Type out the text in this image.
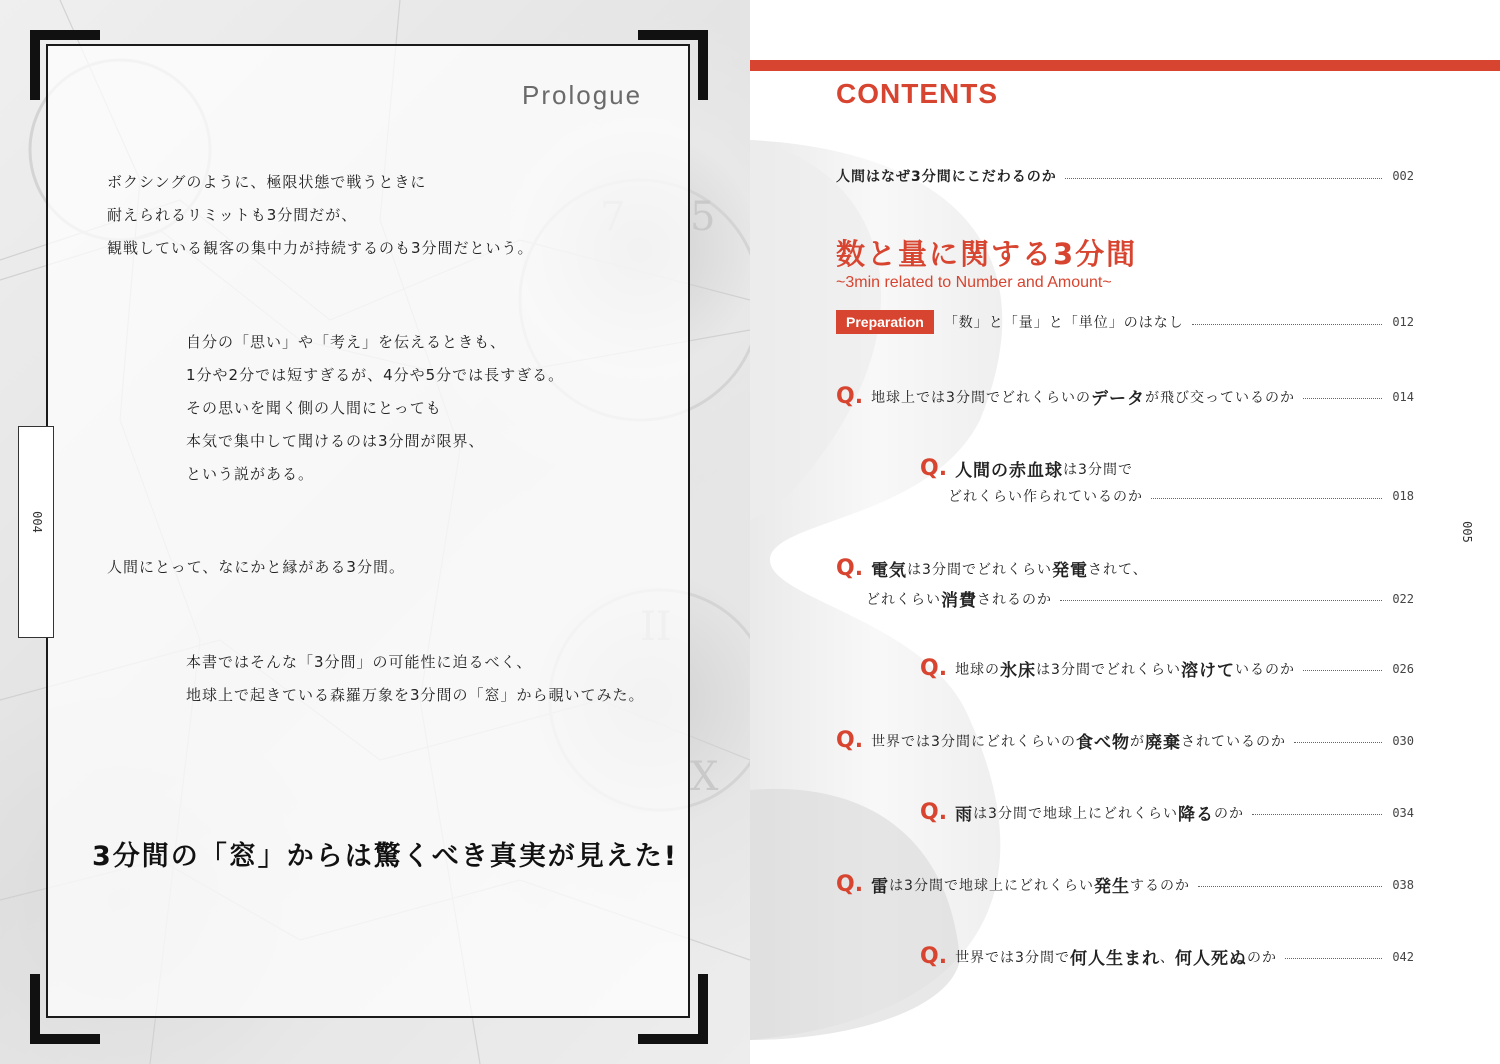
5
X
Prologue
ボクシングのように、極限状態で戦うときに
耐えられるリミットも3分間だが、
観戦している観客の集中力が持続するのも3分間だという。
自分の「思い」や「考え」を伝えるときも、
1分や2分では短すぎるが、4分や5分では長すぎる。
その思いを聞く側の人間にとっても
本気で集中して聞けるのは3分間が限界、
という説がある。
人間にとって、なにかと縁がある3分間。
本書ではそんな「3分間」の可能性に迫るべく、
地球上で起きている森羅万象を3分間の「窓」から覗いてみた。
3分間の「窓」からは驚くべき真実が見えた!
004
CONTENTS
人間はなぜ3分間にこだわるのか	002
数と量に関する3分間
~3min related to Number and Amount~
Preparation	「数」と「量」と「単位」のはなし	012
Q. 地球上では3分間でどれくらいの データ が飛び交っているのか	014
Q. 人間の赤血球 は3分間で
どれくらい作られているのか	018
Q. 電気 は3分間でどれくらい 発電 されて、
どれくらい 消費 されるのか	022
Q. 地球の 氷床 は3分間でどれくらい 溶けて いるのか	026
Q. 世界では3分間にどれくらいの 食べ物 が 廃棄 されているのか	030
Q. 雨 は3分間で地球上にどれくらい 降る のか	034
Q. 雷 は3分間で地球上にどれくらい 発生 するのか	038
Q. 世界では3分間で 何人生まれ 、 何人死ぬ のか	042
005
